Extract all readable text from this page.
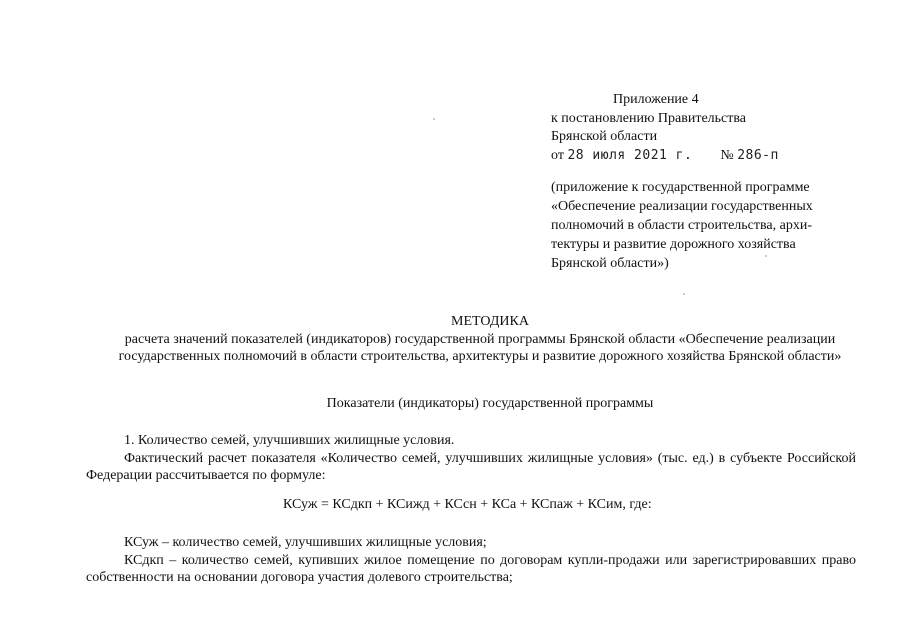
Приложение 4
к постановлению Правительства
Брянской области
от 28 июля 2021 г. № 286-п
(приложение к государственной программе
«Обеспечение реализации государственных
полномочий в области строительства, архи-
тектуры и развитие дорожного хозяйства
Брянской области»)
МЕТОДИКА
расчета значений показателей (индикаторов) государственной программы Брянской области «Обеспечение реализации государственных полномочий в области строительства, архитектуры и развитие дорожного хозяйства Брянской области»
Показатели (индикаторы) государственной программы
1. Количество семей, улучшивших жилищные условия.
Фактический расчет показателя «Количество семей, улучшивших жилищные условия» (тыс. ед.) в субъекте Российской Федерации рассчитывается по формуле:
КСуж = КСдкп + КСижд + КСсн + КСа + КСпаж + КСим, где:
КСуж – количество семей, улучшивших жилищные условия;
КСдкп – количество семей, купивших жилое помещение по договорам купли-продажи или зарегистрировавших право собственности на основании договора участия долевого строительства;
